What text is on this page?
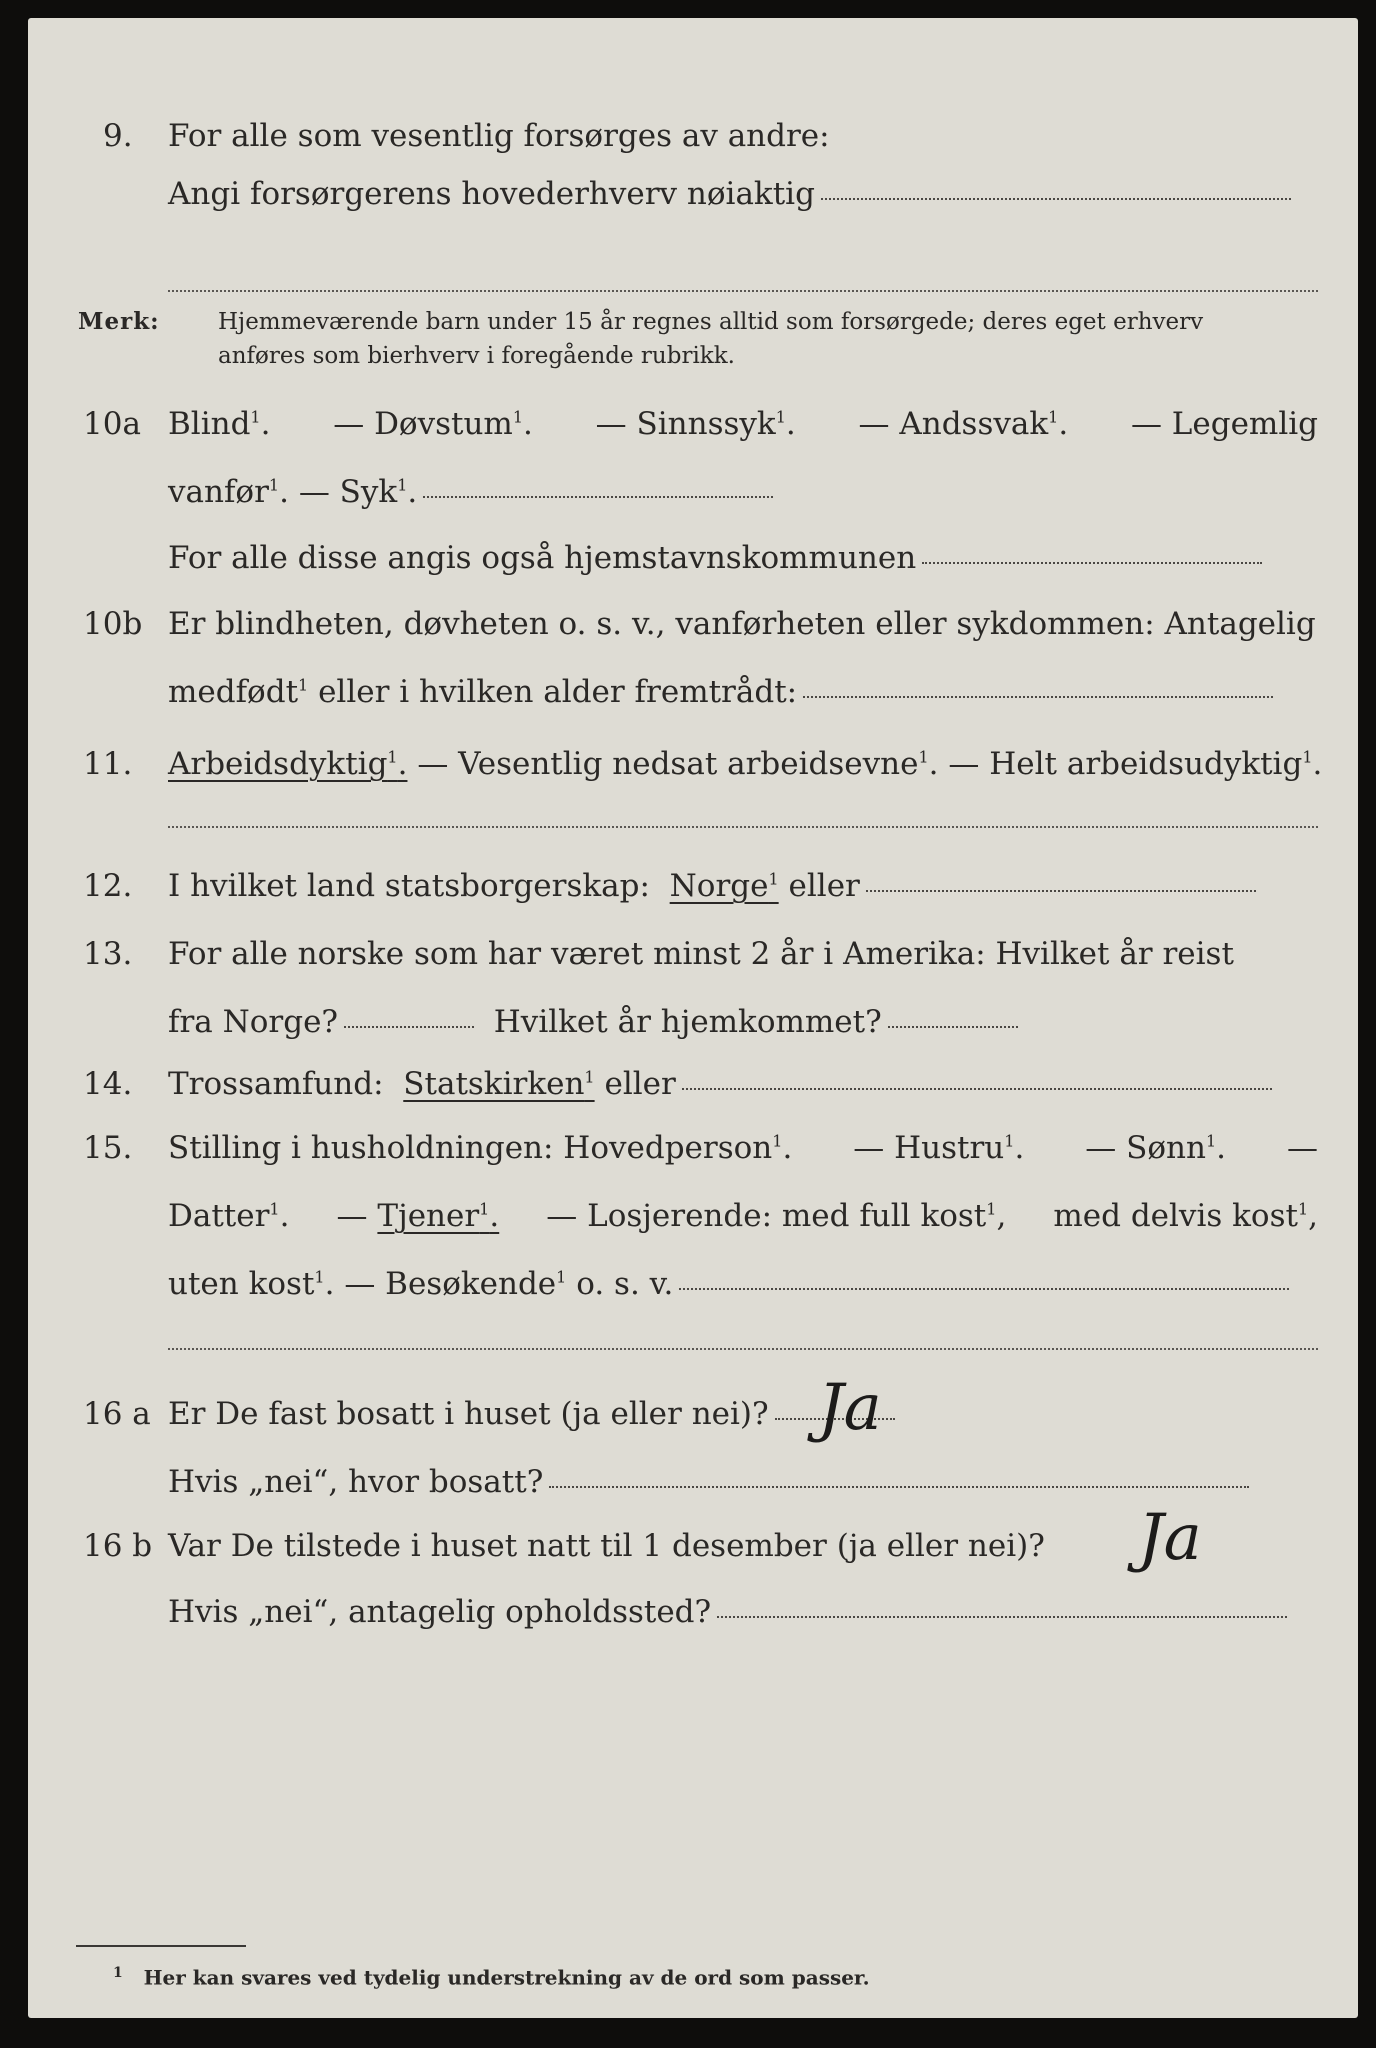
9. For alle som vesentlig forsørges av andre:
Angi forsørgerens hovederhverv nøiaktig
Merk:	Hjemmeværende barn under 15 år regnes alltid som forsørgede; deres eget erhverv
anføres som bierhverv i foregående rubrikk.
10a Blind$^1$. — Døvstum$^1$. — Sinnssyk$^1$. — Andssvak$^1$. — Legemlig
vanfør$^1$.
— Syk$^1$.
For alle disse angis også hjemstavnskommunen
10b Er blindheten, døvheten o. s. v., vanførheten eller sykdommen: Antagelig
medfødt$^1$
eller i hvilken alder fremtrådt:
11. Arbeidsdyktig$^1$.
— Vesentlig nedsat arbeidsevne$^1$.
— Helt arbeidsudyktig$^1$.
12. I hvilket land statsborgerskap:
Norge$^1$
eller
13. For alle norske som har været minst 2 år i Amerika: Hvilket år reist
fra Norge?
	Hvilket år hjemkommet?
14. Trossamfund:
Statskirken$^1$
eller
15. Stilling i husholdningen: Hovedperson$^1$. — Hustru$^1$. — Sønn$^1$. —
Datter$^1$. — Tjener$^1$. — Losjerende: med full kost$^1$, med delvis kost$^1$,
uten kost$^1$.
— Besøkende$^1$
o. s. v.
16 a Er De fast bosatt i huset (ja eller nei)? Ja
Hvis „nei“, hvor bosatt?
16 b Var De tilstede i huset natt til 1 desember (ja eller nei)? Ja
Hvis „nei“, antagelig opholdssted?
$^1$ Her kan svares ved tydelig understrekning av de ord som passer.
